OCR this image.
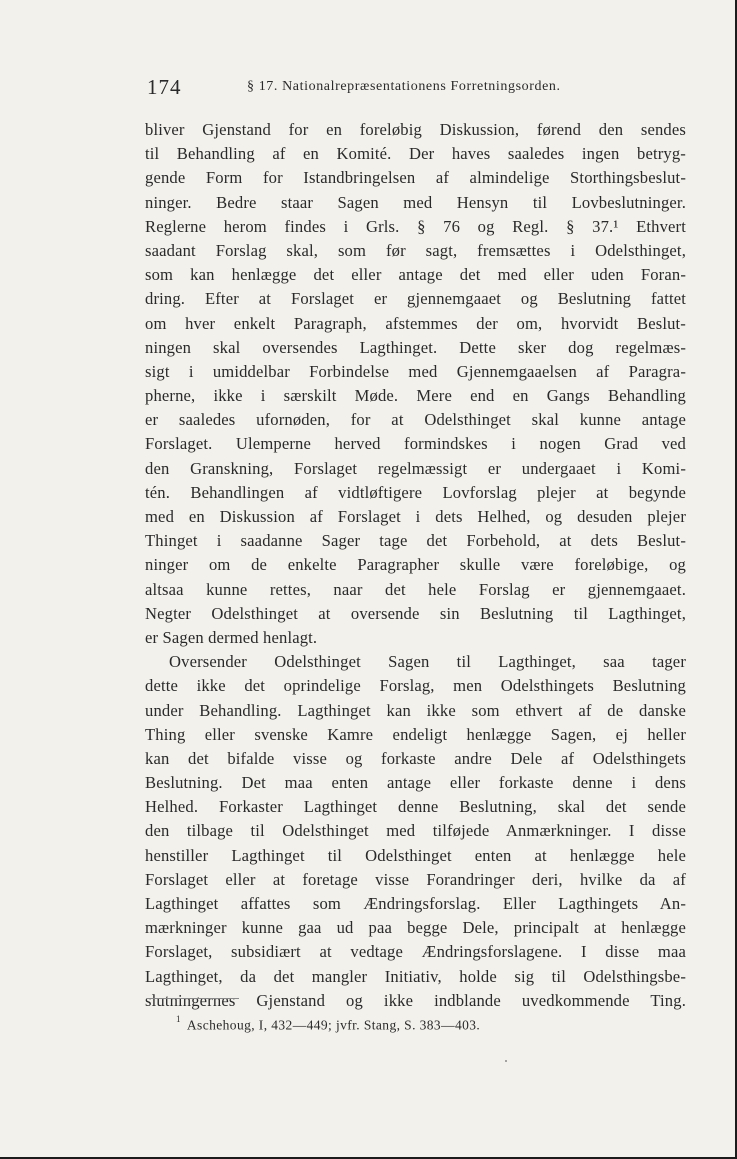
174	§ 17. Nationalrepræsentationens Forretningsorden.
bliver Gjenstand for en foreløbig Diskussion, førend den sendes
til Behandling af en Komité. Der haves saaledes ingen betryg-
gende Form for Istandbringelsen af almindelige Storthingsbeslut-
ninger. Bedre staar Sagen med Hensyn til Lovbeslutninger.
Reglerne herom findes i Grls. § 76 og Regl. § 37.¹ Ethvert
saadant Forslag skal, som før sagt, fremsættes i Odelsthinget,
som kan henlægge det eller antage det med eller uden Foran-
dring. Efter at Forslaget er gjennemgaaet og Beslutning fattet
om hver enkelt Paragraph, afstemmes der om, hvorvidt Beslut-
ningen skal oversendes Lagthinget. Dette sker dog regelmæs-
sigt i umiddelbar Forbindelse med Gjennemgaaelsen af Paragra-
pherne, ikke i særskilt Møde. Mere end en Gangs Behandling
er saaledes ufornøden, for at Odelsthinget skal kunne antage
Forslaget. Ulemperne herved formindskes i nogen Grad ved
den Granskning, Forslaget regelmæssigt er undergaaet i Komi-
tén. Behandlingen af vidtløftigere Lovforslag plejer at begynde
med en Diskussion af Forslaget i dets Helhed, og desuden plejer
Thinget i saadanne Sager tage det Forbehold, at dets Beslut-
ninger om de enkelte Paragrapher skulle være foreløbige, og
altsaa kunne rettes, naar det hele Forslag er gjennemgaaet.
Negter Odelsthinget at oversende sin Beslutning til Lagthinget,
er Sagen dermed henlagt.
Oversender Odelsthinget Sagen til Lagthinget, saa tager
dette ikke det oprindelige Forslag, men Odelsthingets Beslutning
under Behandling. Lagthinget kan ikke som ethvert af de danske
Thing eller svenske Kamre endeligt henlægge Sagen, ej heller
kan det bifalde visse og forkaste andre Dele af Odelsthingets
Beslutning. Det maa enten antage eller forkaste denne i dens
Helhed. Forkaster Lagthinget denne Beslutning, skal det sende
den tilbage til Odelsthinget med tilføjede Anmærkninger. I disse
henstiller Lagthinget til Odelsthinget enten at henlægge hele
Forslaget eller at foretage visse Forandringer deri, hvilke da af
Lagthinget affattes som Ændringsforslag. Eller Lagthingets An-
mærkninger kunne gaa ud paa begge Dele, principalt at henlægge
Forslaget, subsidiært at vedtage Ændringsforslagene. I disse maa
Lagthinget, da det mangler Initiativ, holde sig til Odelsthingsbe-
slutningernes Gjenstand og ikke indblande uvedkommende Ting.
$^1$ Aschehoug, I, 432—449; jvfr. Stang, S. 383—403.
